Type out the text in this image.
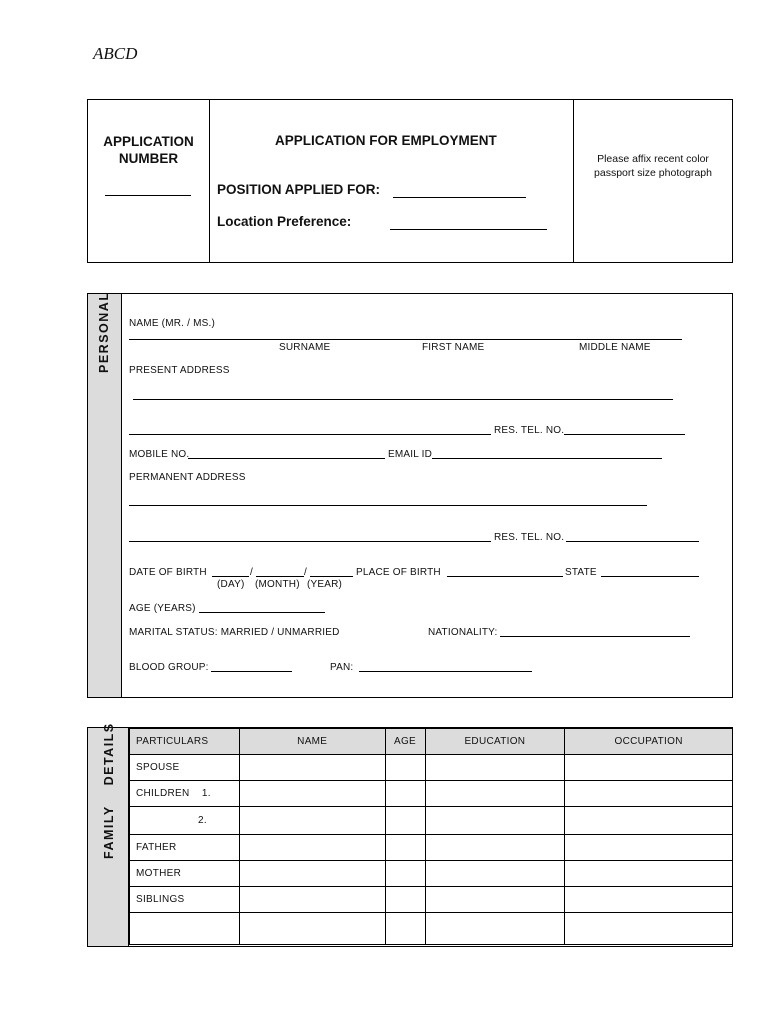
ABCD
APPLICATION
NUMBER
APPLICATION FOR EMPLOYMENT
POSITION APPLIED FOR:
Location Preference:
Please affix recent color
passport size photograph
PERSONAL NAME (MR. / MS.)
SURNAME	FIRST NAME	MIDDLE NAME
PRESENT ADDRESS
RES. TEL. NO.
MOBILE NO.	EMAIL ID
PERMANENT ADDRESS
RES. TEL. NO.
DATE OF BIRTH	/	/
(DAY) (MONTH) (YEAR)
PLACE OF BIRTH	STATE
AGE (YEARS)
MARITAL STATUS: MARRIED / UNMARRIED	NATIONALITY:
BLOOD GROUP:	PAN:
FAMILY    DETAILS PARTICULARS	NAME	AGE	EDUCATION	OCCUPATION
SPOUSE				
CHILDREN 1.				
2.				
FATHER				
MOTHER				
SIBLINGS				
